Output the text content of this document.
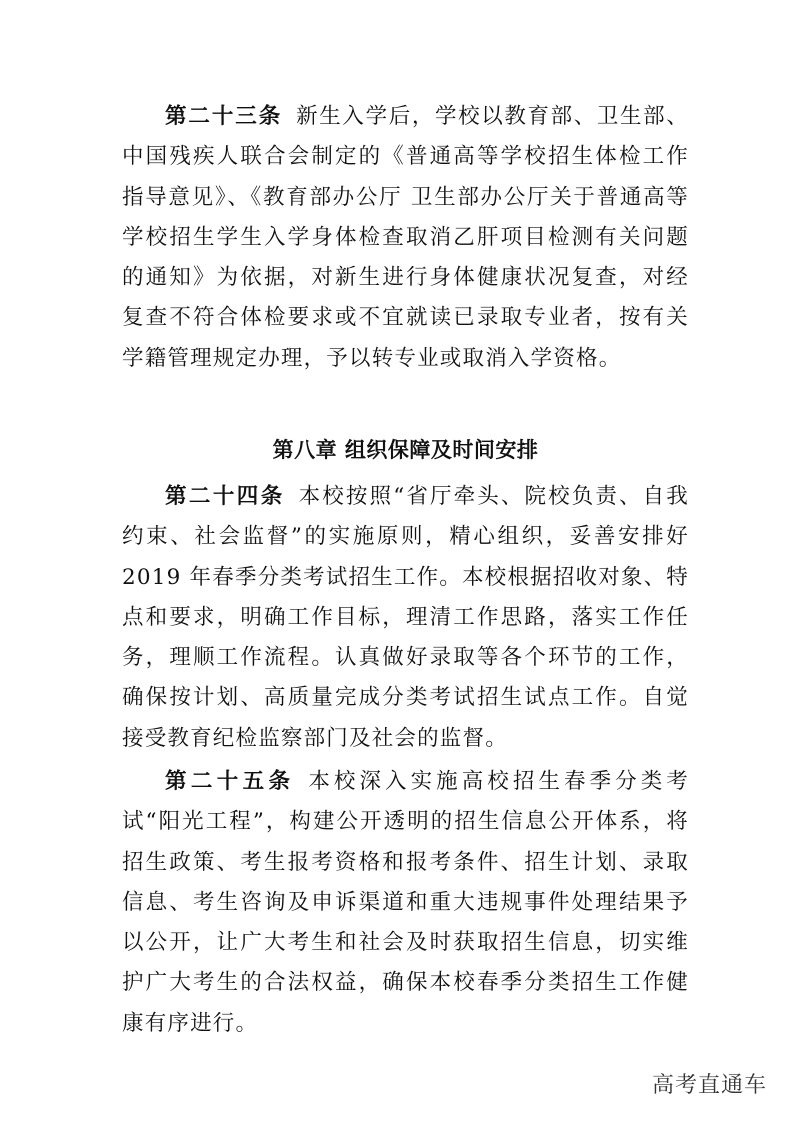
第二十三条 新生入学后，学校以教育部、卫生部、中国残疾人联合会制定的《普通高等学校招生体检工作指导意见》、《教育部办公厅 卫生部办公厅关于普通高等学校招生学生入学身体检查取消乙肝项目检测有关问题的通知》为依据，对新生进行身体健康状况复查，对经复查不符合体检要求或不宜就读已录取专业者，按有关学籍管理规定办理，予以转专业或取消入学资格。

第八章 组织保障及时间安排

第二十四条 本校按照“省厅牵头、院校负责、自我约束、社会监督”的实施原则，精心组织，妥善安排好 2019 年春季分类考试招生工作。本校根据招收对象、特点和要求，明确工作目标，理清工作思路，落实工作任务，理顺工作流程。认真做好录取等各个环节的工作，确保按计划、高质量完成分类考试招生试点工作。自觉接受教育纪检监察部门及社会的监督。

第二十五条 本校深入实施高校招生春季分类考试“阳光工程”，构建公开透明的招生信息公开体系，将招生政策、考生报考资格和报考条件、招生计划、录取信息、考生咨询及申诉渠道和重大违规事件处理结果予以公开，让广大考生和社会及时获取招生信息，切实维护广大考生的合法权益，确保本校春季分类招生工作健康有序进行。

高考直通车
